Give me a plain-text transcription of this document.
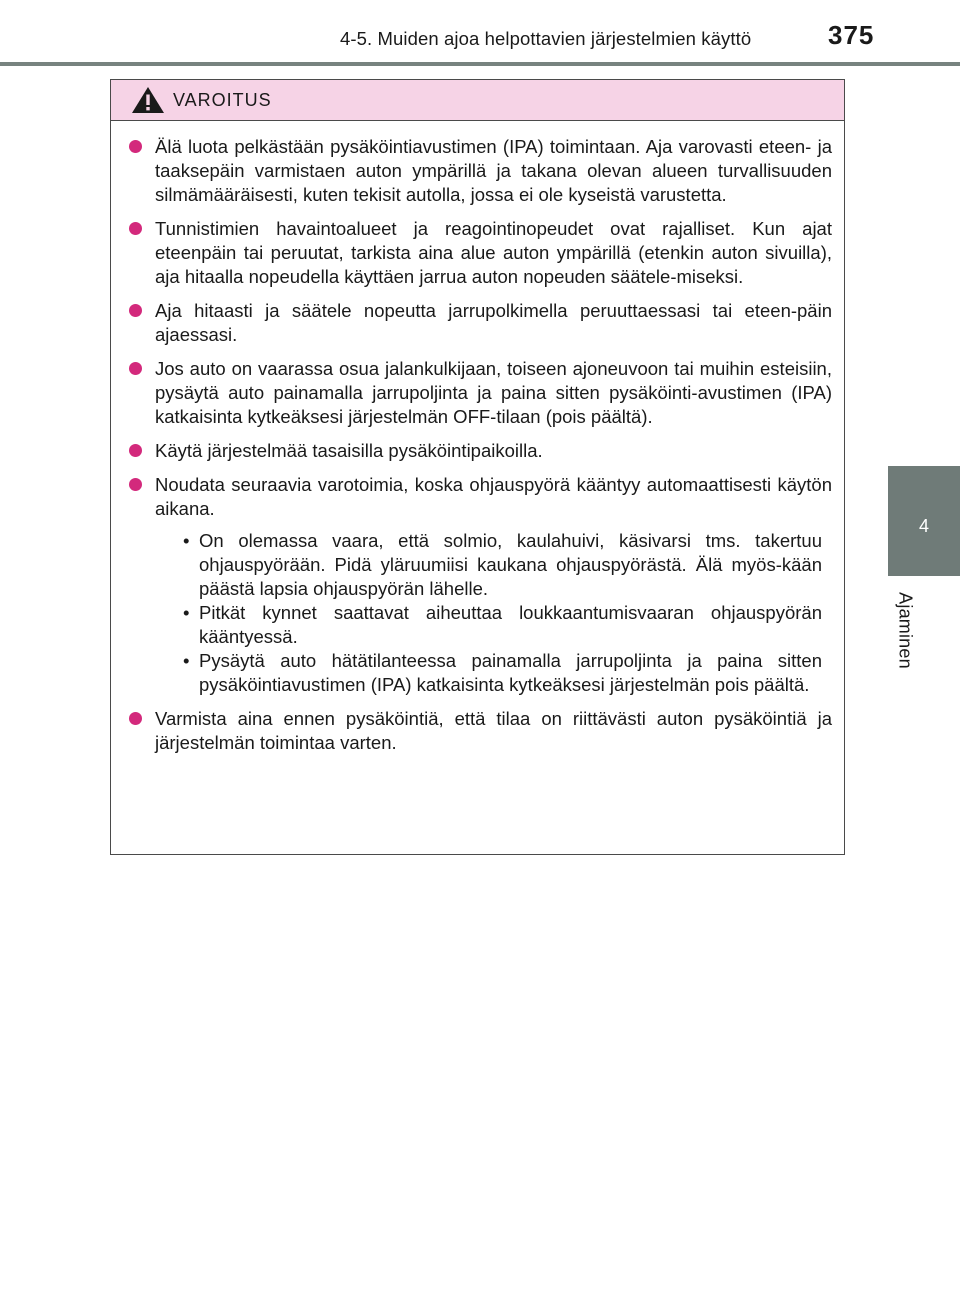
4-5. Muiden ajoa helpottavien järjestelmien käyttö	375
4
Ajaminen
VAROITUS
Älä luota pelkästään pysäköintiavustimen (IPA) toimintaan. Aja varovasti eteen- ja taaksepäin varmistaen auton ympärillä ja takana olevan alueen turvallisuuden silmämääräisesti, kuten tekisit autolla, jossa ei ole kyseistä varustetta.
Tunnistimien havaintoalueet ja reagointinopeudet ovat rajalliset. Kun ajat eteenpäin tai peruutat, tarkista aina alue auton ympärillä (etenkin auton sivuilla), aja hitaalla nopeudella käyttäen jarrua auton nopeuden säätele-miseksi.
Aja hitaasti ja säätele nopeutta jarrupolkimella peruuttaessasi tai eteen-päin ajaessasi.
Jos auto on vaarassa osua jalankulkijaan, toiseen ajoneuvoon tai muihin esteisiin, pysäytä auto painamalla jarrupoljinta ja paina sitten pysäköinti-avustimen (IPA) katkaisinta kytkeäksesi järjestelmän OFF-tilaan (pois päältä).
Käytä järjestelmää tasaisilla pysäköintipaikoilla.
Noudata seuraavia varotoimia, koska ohjauspyörä kääntyy automaattisesti käytön aikana.
• On olemassa vaara, että solmio, kaulahuivi, käsivarsi tms. takertuu ohjauspyörään. Pidä yläruumiisi kaukana ohjauspyörästä. Älä myös-kään päästä lapsia ohjauspyörän lähelle.
• Pitkät kynnet saattavat aiheuttaa loukkaantumisvaaran ohjauspyörän kääntyessä.
• Pysäytä auto hätätilanteessa painamalla jarrupoljinta ja paina sitten pysäköintiavustimen (IPA) katkaisinta kytkeäksesi järjestelmän pois päältä.
Varmista aina ennen pysäköintiä, että tilaa on riittävästi auton pysäköintiä ja järjestelmän toimintaa varten.
